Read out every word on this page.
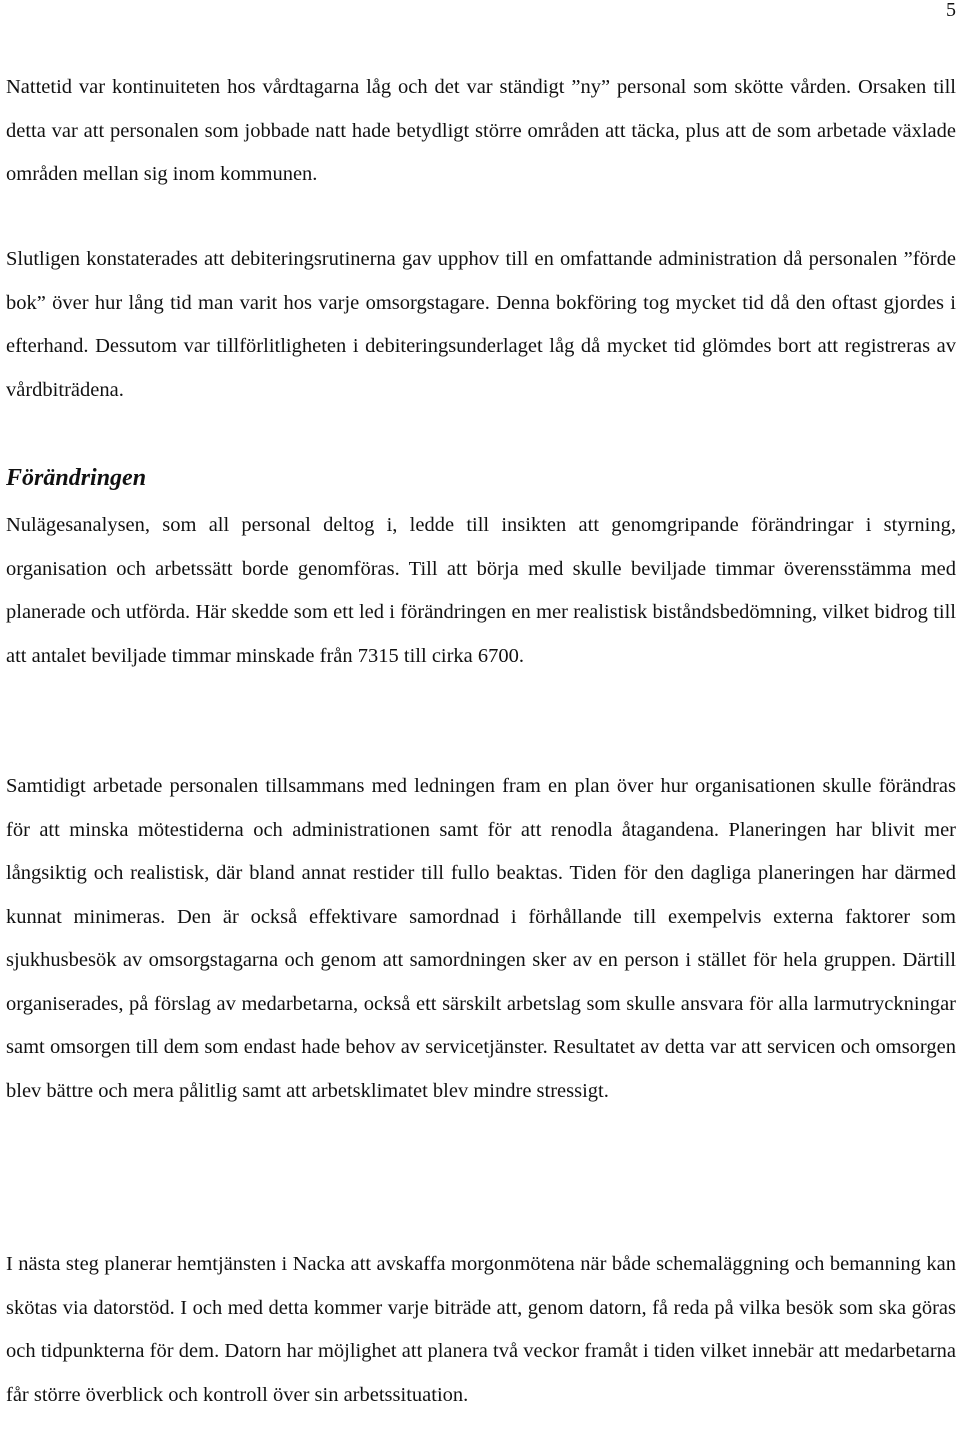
5

Nattetid var kontinuiteten hos vårdtagarna låg och det var ständigt ”ny” personal som skötte vården. Orsaken till detta var att personalen som jobbade natt hade betydligt större områden att täcka, plus att de som arbetade växlade områden mellan sig inom kommunen.

Slutligen konstaterades att debiteringsrutinerna gav upphov till en omfattande administration då personalen ”förde bok” över hur lång tid man varit hos varje omsorgstagare. Denna bokföring tog mycket tid då den oftast gjordes i efterhand. Dessutom var tillförlitligheten i debiteringsunderlaget låg då mycket tid glömdes bort att registreras av vårdbiträdena.

Förändringen

Nulägesanalysen, som all personal deltog i, ledde till insikten att genomgripande förändringar i styrning, organisation och arbetssätt borde genomföras. Till att börja med skulle beviljade timmar överensstämma med planerade och utförda. Här skedde som ett led i förändringen en mer realistisk biståndsbedömning, vilket bidrog till att antalet beviljade timmar minskade från 7315 till cirka 6700.

Samtidigt arbetade personalen tillsammans med ledningen fram en plan över hur organisationen skulle förändras för att minska mötestiderna och administrationen samt för att renodla åtagandena. Planeringen har blivit mer långsiktig och realistisk, där bland annat restider till fullo beaktas. Tiden för den dagliga planeringen har därmed kunnat minimeras. Den är också effektivare samordnad i förhållande till exempelvis externa faktorer som sjukhusbesök av omsorgstagarna och genom att samordningen sker av en person i stället för hela gruppen. Därtill organiserades, på förslag av medarbetarna, också ett särskilt arbetslag som skulle ansvara för alla larmutryckningar samt omsorgen till dem som endast hade behov av servicetjänster. Resultatet av detta var att servicen och omsorgen blev bättre och mera pålitlig samt att arbetsklimatet blev mindre stressigt.

I nästa steg planerar hemtjänsten i Nacka att avskaffa morgonmötena när både schemaläggning och bemanning kan skötas via datorstöd. I och med detta kommer varje biträde att, genom datorn, få reda på vilka besök som ska göras och tidpunkterna för dem. Datorn har möjlighet att planera två veckor framåt i tiden vilket innebär att medarbetarna får större överblick och kontroll över sin arbetssituation.
